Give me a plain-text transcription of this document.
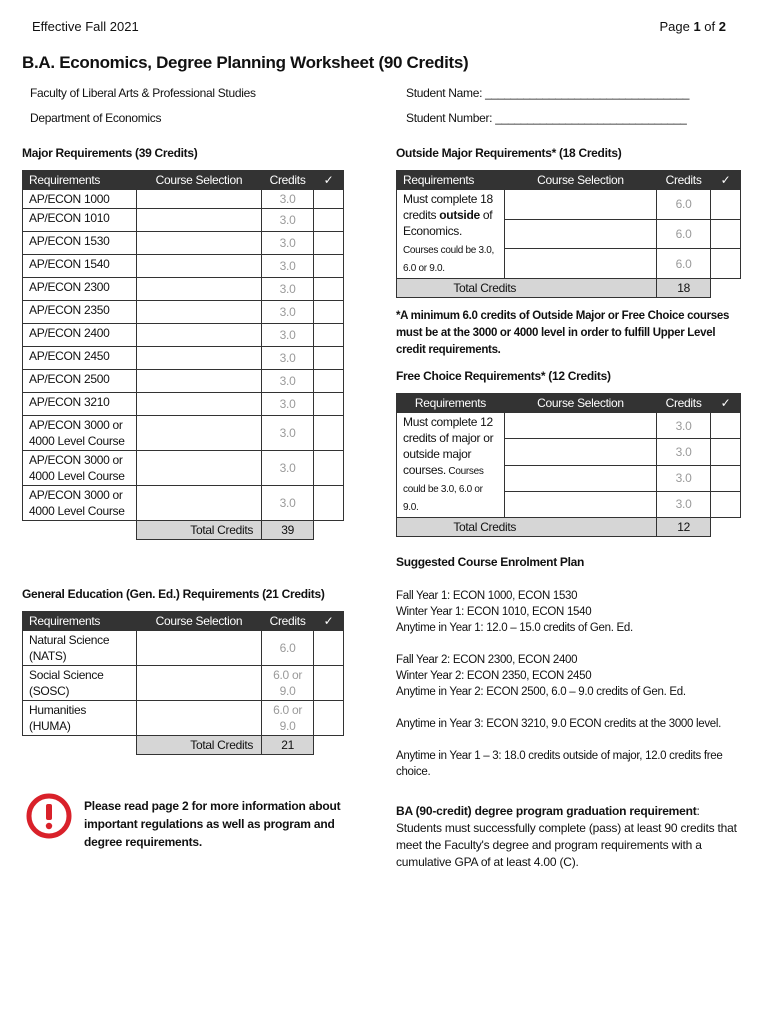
Effective Fall 2021	Page 1 of 2
B.A. Economics, Degree Planning Worksheet (90 Credits)
Faculty of Liberal Arts & Professional Studies
Department of Economics
Student Name: ________________________________
Student Number: ______________________________
Major Requirements (39 Credits)
Requirements	Course Selection	Credits	✓
AP/ECON 1000		3.0	
AP/ECON 1010		3.0	
AP/ECON 1530		3.0	
AP/ECON 1540		3.0	
AP/ECON 2300		3.0	
AP/ECON 2350		3.0	
AP/ECON 2400		3.0	
AP/ECON 2450		3.0	
AP/ECON 2500		3.0	
AP/ECON 3210		3.0	
AP/ECON 3000 or 4000 Level Course		3.0	
AP/ECON 3000 or 4000 Level Course		3.0	
AP/ECON 3000 or 4000 Level Course		3.0	
	Total Credits	39	
Outside Major Requirements* (18 Credits)
Requirements	Course Selection	Credits	✓
Must complete 18 credits outside of Economics. Courses could be 3.0, 6.0 or 9.0.		6.0	
		6.0	
		6.0	
Total Credits		18	
*A minimum 6.0 credits of Outside Major or Free Choice courses must be at the 3000 or 4000 level in order to fulfill Upper Level credit requirements.
Free Choice Requirements* (12 Credits)
Requirements	Course Selection	Credits	✓
Must complete 12 credits of major or outside major courses. Courses could be 3.0, 6.0 or 9.0.		3.0	
		3.0	
		3.0	
		3.0	
Total Credits		12	
General Education (Gen. Ed.) Requirements (21 Credits)
Requirements	Course Selection	Credits	✓
Natural Science (NATS)		6.0	
Social Science (SOSC)		6.0 or 9.0	
Humanities (HUMA)		6.0 or 9.0	
	Total Credits	21	
Suggested Course Enrolment Plan
Fall Year 1: ECON 1000, ECON 1530
Winter Year 1: ECON 1010, ECON 1540
Anytime in Year 1: 12.0 – 15.0 credits of Gen. Ed.
Fall Year 2: ECON 2300, ECON 2400
Winter Year 2: ECON 2350, ECON 2450
Anytime in Year 2: ECON 2500, 6.0 – 9.0 credits of Gen. Ed.
Anytime in Year 3: ECON 3210, 9.0 ECON credits at the 3000 level.
Anytime in Year 1 – 3: 18.0 credits outside of major, 12.0 credits free choice.
Please read page 2 for more information about important regulations as well as program and degree requirements.
BA (90-credit) degree program graduation requirement:
Students must successfully complete (pass) at least 90 credits that meet the Faculty's degree and program requirements with a cumulative GPA of at least 4.00 (C).
